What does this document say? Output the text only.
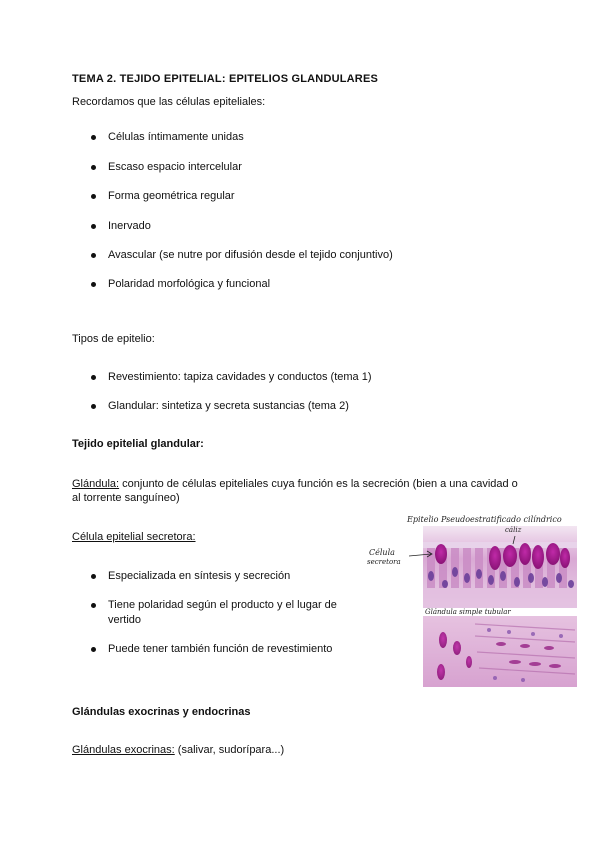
TEMA 2. TEJIDO EPITELIAL: EPITELIOS GLANDULARES
Recordamos que las células epiteliales:
Células íntimamente unidas
Escaso espacio intercelular
Forma geométrica regular
Inervado
Avascular (se nutre por difusión desde el tejido conjuntivo)
Polaridad morfológica y funcional
Tipos de epitelio:
Revestimiento: tapiza cavidades y conductos (tema 1)
Glandular: sintetiza y secreta sustancias (tema 2)
Tejido epitelial glandular:
Glándula: conjunto de células epiteliales cuya función es la secreción (bien a una cavidad o
al torrente sanguíneo)
Célula epitelial secretora:
Especializada en síntesis y secreción
Tiene polaridad según el producto y el lugar de vertido
Puede tener también función de revestimiento
Epitelio Pseudoestratificado cilíndrico
cáliz
Célula
secretora
Glándula simple tubular
Glándulas exocrinas y endocrinas
Glándulas exocrinas: (salivar, sudorípara...)
